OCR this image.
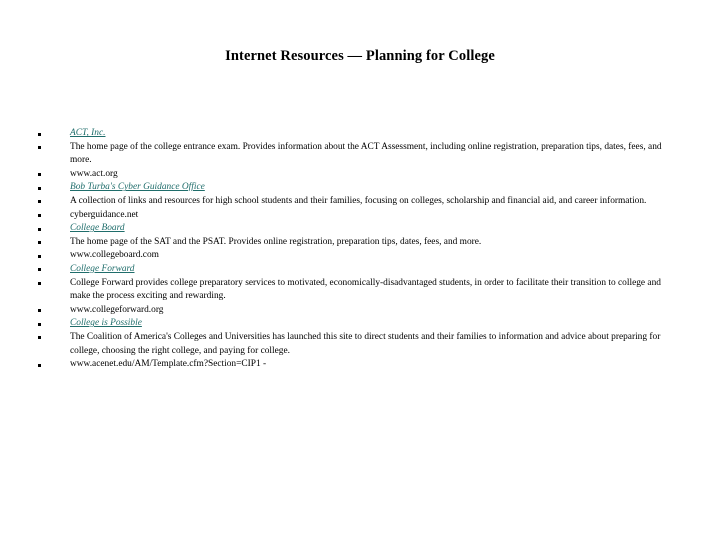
Internet Resources — Planning for College
ACT, Inc.
The home page of the college entrance exam. Provides information about the ACT Assessment, including online registration, preparation tips, dates, fees, and more.
www.act.org
Bob Turba's Cyber Guidance Office
A collection of links and resources for high school students and their families, focusing on colleges, scholarship and financial aid, and career information.
cyberguidance.net
College Board
The home page of the SAT and the PSAT. Provides online registration, preparation tips, dates, fees, and more.
www.collegeboard.com
College Forward
College Forward provides college preparatory services to motivated, economically-disadvantaged students, in order to facilitate their transition to college and make the process exciting and rewarding.
www.collegeforward.org
College is Possible
The Coalition of America's Colleges and Universities has launched this site to direct students and their families to information and advice about preparing for college, choosing the right college, and paying for college.
www.acenet.edu/AM/Template.cfm?Section=CIP1 -
